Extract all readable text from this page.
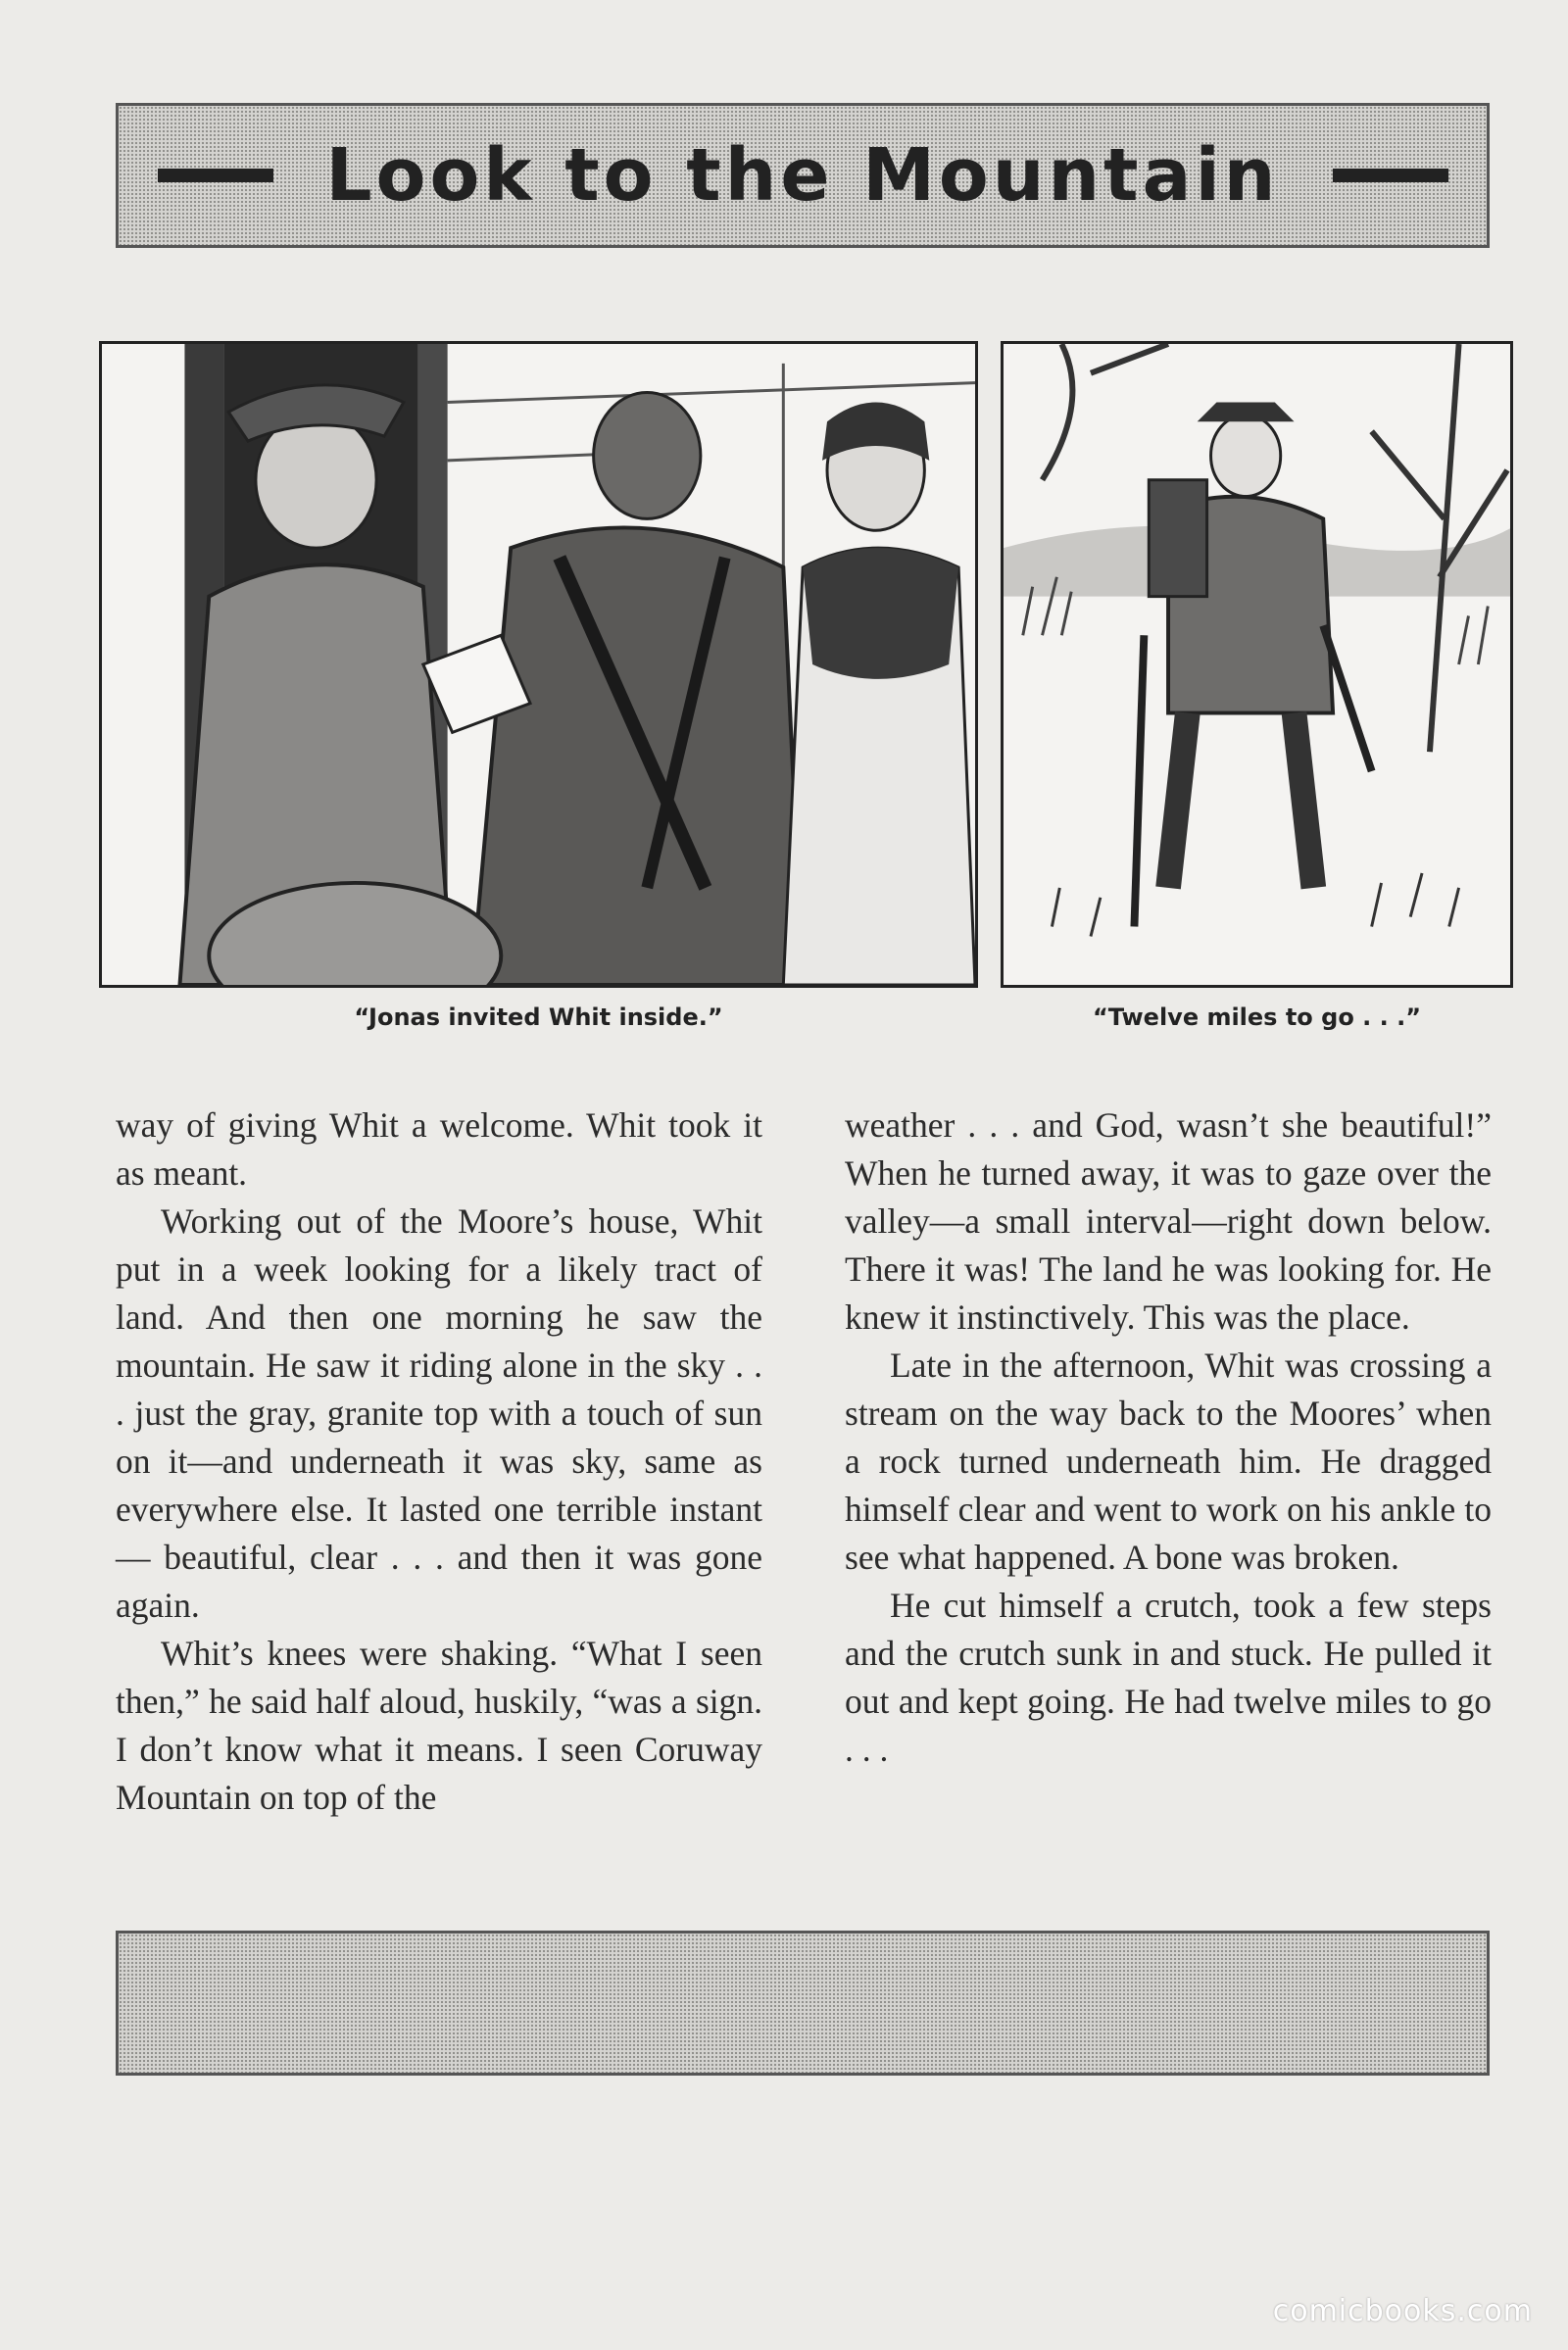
Look to the Mountain
“Jonas invited Whit inside.”	“Twelve miles to go . . .”

way of giving Whit a welcome. Whit took it as meant.

Working out of the Moore’s house, Whit put in a week looking for a likely tract of land. And then one morning he saw the mountain. He saw it riding alone in the sky . . . just the gray, granite top with a touch of sun on it—and underneath it was sky, same as everywhere else. It lasted one terrible instant — beautiful, clear . . . and then it was gone again.

Whit’s knees were shaking. “What I seen then,” he said half aloud, huskily, “was a sign. I don’t know what it means. I seen Coruway Mountain on top of the

weather . . . and God, wasn’t she beautiful!” When he turned away, it was to gaze over the valley—a small interval—right down below. There it was! The land he was looking for. He knew it instinctively. This was the place.

Late in the afternoon, Whit was crossing a stream on the way back to the Moores’ when a rock turned underneath him. He dragged himself clear and went to work on his ankle to see what happened. A bone was broken.

He cut himself a crutch, took a few steps and the crutch sunk in and stuck. He pulled it out and kept going. He had twelve miles to go . . .

comicbooks.com
